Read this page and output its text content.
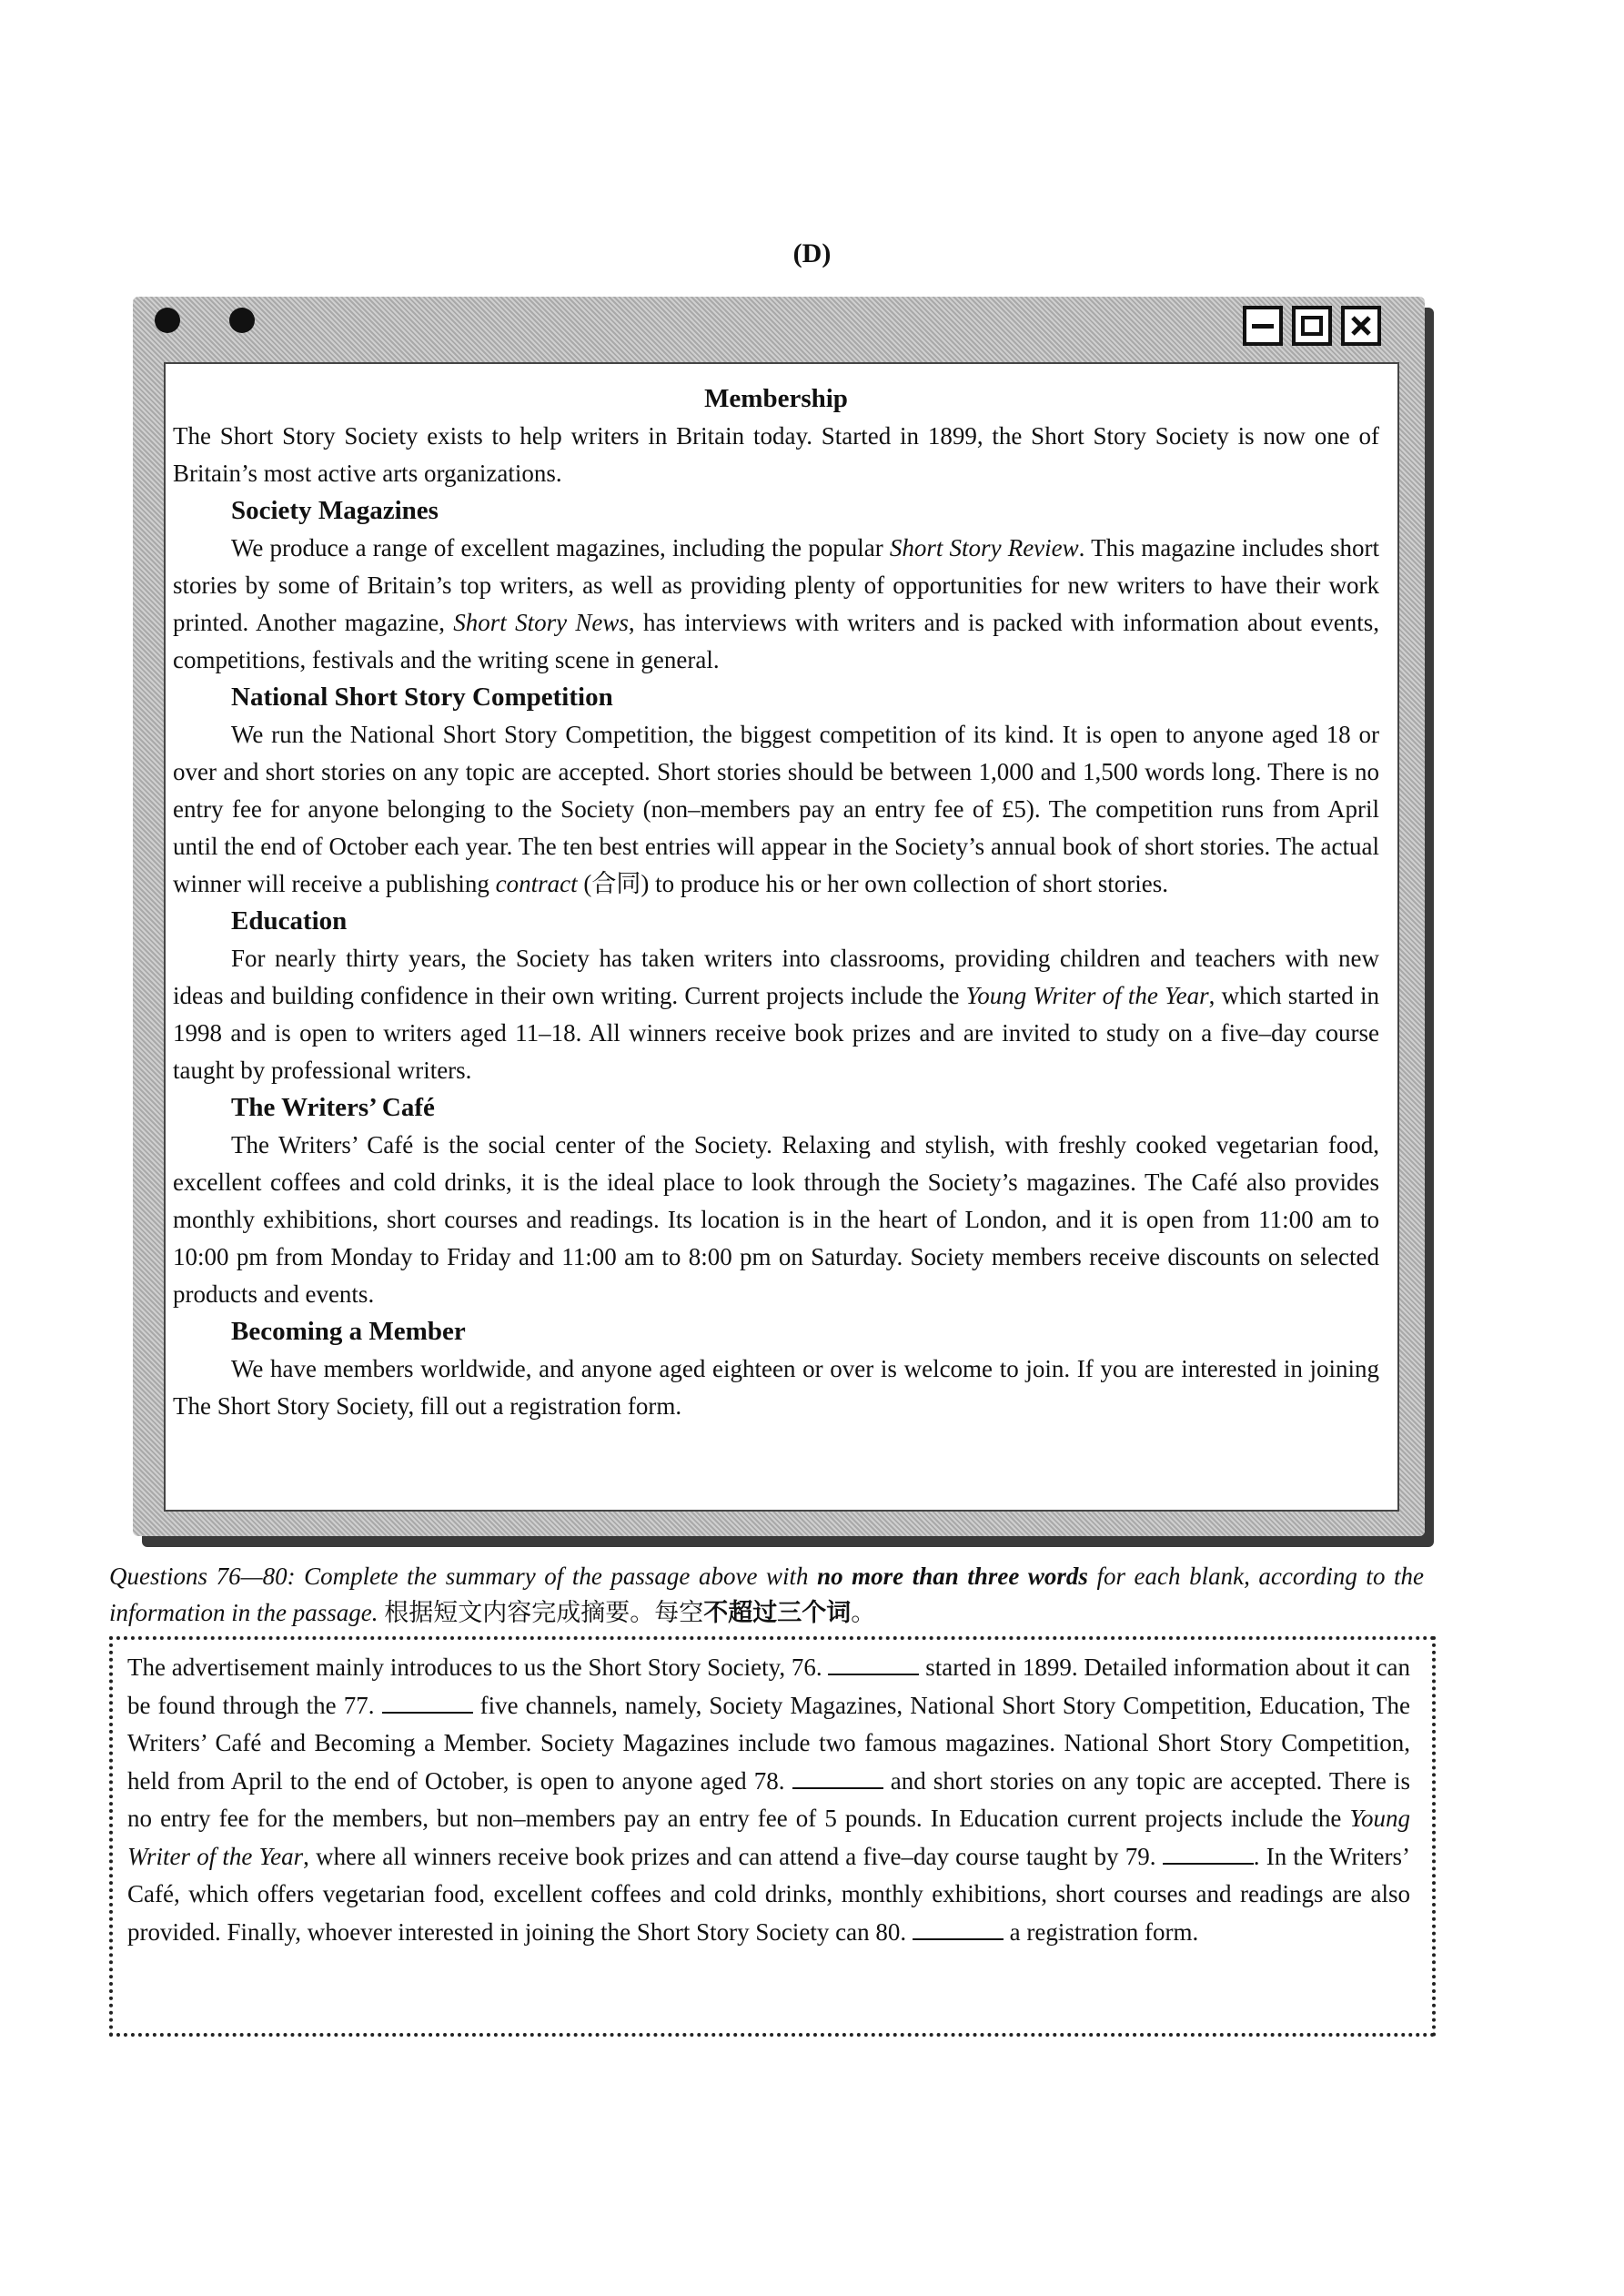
(D)
Membership

The Short Story Society exists to help writers in Britain today. Started in 1899, the Short Story Society is now one of Britain’s most active arts organizations.

Society Magazines

We produce a range of excellent magazines, including the popular Short Story Review. This magazine includes short stories by some of Britain’s top writers, as well as providing plenty of opportunities for new writers to have their work printed. Another magazine, Short Story News, has interviews with writers and is packed with information about events, competitions, festivals and the writing scene in general.

National Short Story Competition

We run the National Short Story Competition, the biggest competition of its kind. It is open to anyone aged 18 or over and short stories on any topic are accepted. Short stories should be between 1,000 and 1,500 words long. There is no entry fee for anyone belonging to the Society (non–members pay an entry fee of £5). The competition runs from April until the end of October each year. The ten best entries will appear in the Society’s annual book of short stories. The actual winner will receive a publishing contract (合同) to produce his or her own collection of short stories.

Education

For nearly thirty years, the Society has taken writers into classrooms, providing children and teachers with new ideas and building confidence in their own writing. Current projects include the Young Writer of the Year, which started in 1998 and is open to writers aged 11–18. All winners receive book prizes and are invited to study on a five–day course taught by professional writers.

The Writers’ Café

The Writers’ Café is the social center of the Society. Relaxing and stylish, with freshly cooked vegetarian food, excellent coffees and cold drinks, it is the ideal place to look through the Society’s magazines. The Café also provides monthly exhibitions, short courses and readings. Its location is in the heart of London, and it is open from 11:00 am to 10:00 pm from Monday to Friday and 11:00 am to 8:00 pm on Saturday. Society members receive discounts on selected products and events.

Becoming a Member

We have members worldwide, and anyone aged eighteen or over is welcome to join. If you are interested in joining The Short Story Society, fill out a registration form.

Questions 76—80: Complete the summary of the passage above with no more than three words for each blank, according to the information in the passage. 根据短文内容完成摘要。每空不超过三个词。
The advertisement mainly introduces to us the Short Story Society, 76.	started in 1899. Detailed information about it can be found through the 77.	five channels, namely, Society Magazines, National Short Story Competition, Education, The Writers’ Café and Becoming a Member. Society Magazines include two famous magazines. National Short Story Competition, held from April to the end of October, is open to anyone aged 78.	and short stories on any topic are accepted. There is no entry fee for the members, but non–members pay an entry fee of 5 pounds. In Education current projects include the Young Writer of the Year, where all winners receive book prizes and can attend a five–day course taught by 79.	. In the Writers’ Café, which offers vegetarian food, excellent coffees and cold drinks, monthly exhibitions, short courses and readings are also provided. Finally, whoever interested in joining the Short Story Society can 80.	a registration form.
